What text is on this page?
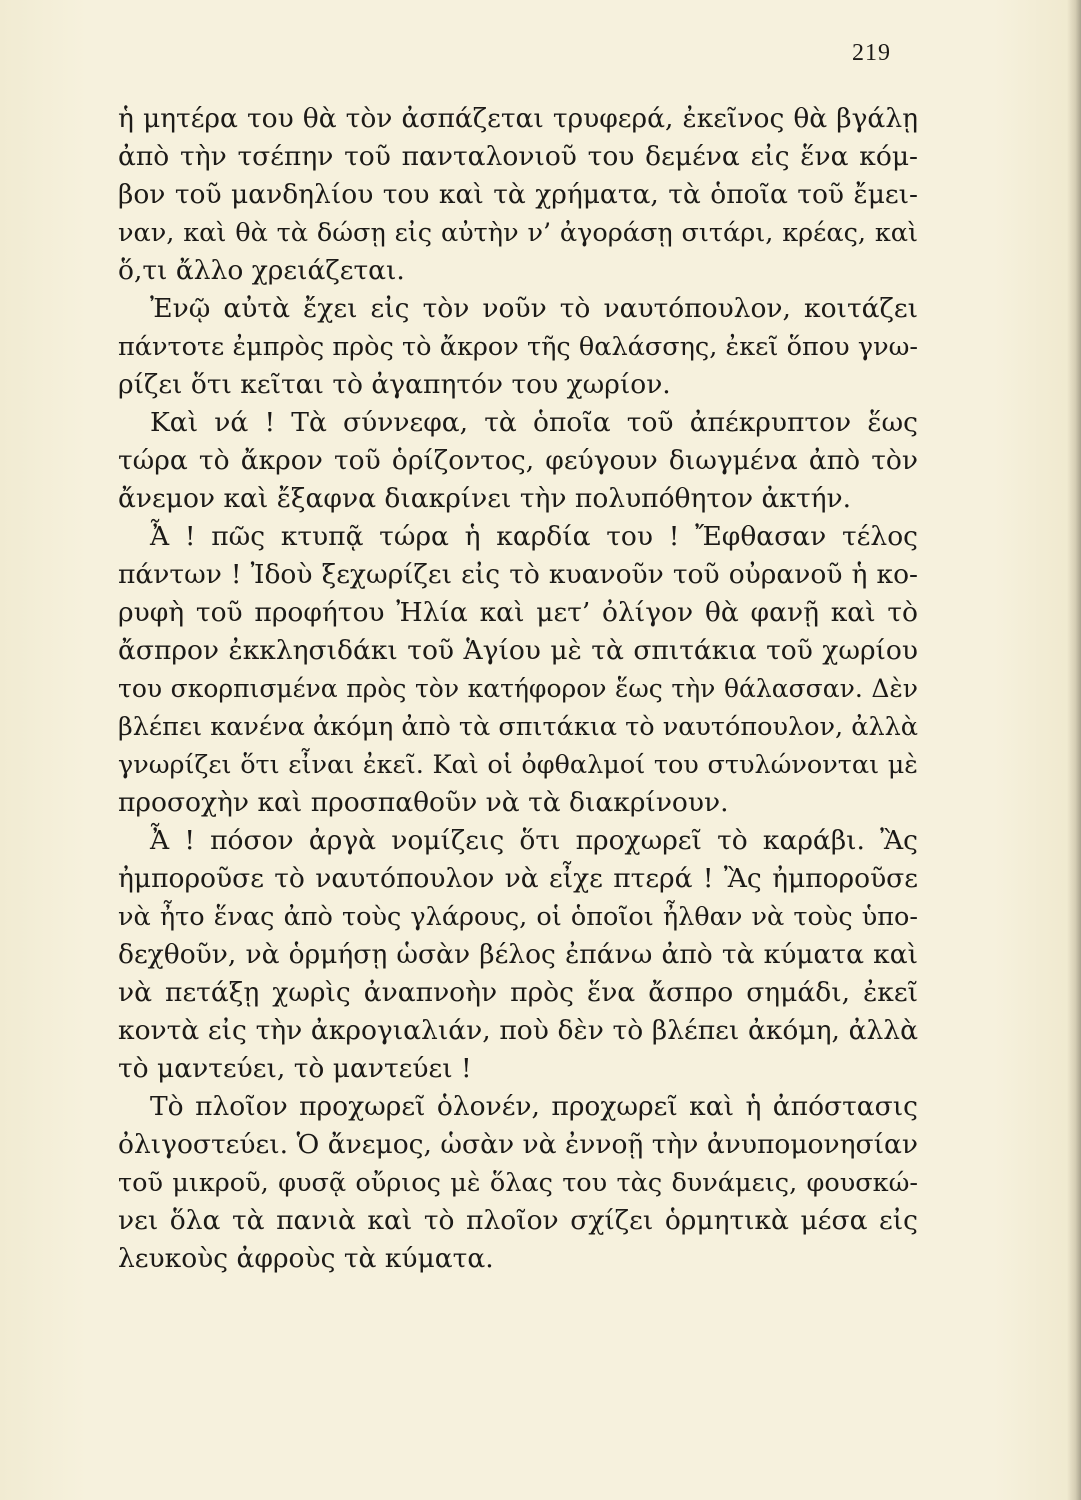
219
ἡ μητέρα του θὰ τὸν ἀσπάζεται τρυφερά, ἐκεῖνος θὰ βγάλῃ
ἀπὸ τὴν τσέπην τοῦ πανταλονιοῦ του δεμένα εἰς ἕνα κόμ-
βον τοῦ μανδηλίου του καὶ τὰ χρήματα, τὰ ὁποῖα τοῦ ἔμει-
ναν, καὶ θὰ τὰ δώσῃ εἰς αὐτὴν ν’ ἀγοράσῃ σιτάρι, κρέας, καὶ
ὅ,τι ἄλλο χρειάζεται.
Ἐνῷ αὐτὰ ἔχει εἰς τὸν νοῦν τὸ ναυτόπουλον, κοιτάζει
πάντοτε ἐμπρὸς πρὸς τὸ ἄκρον τῆς θαλάσσης, ἐκεῖ ὅπου γνω-
ρίζει ὅτι κεῖται τὸ ἀγαπητόν του χωρίον.
Καὶ νά ! Τὰ σύννεφα, τὰ ὁποῖα τοῦ ἀπέκρυπτον ἕως
τώρα τὸ ἄκρον τοῦ ὁρίζοντος, φεύγουν διωγμένα ἀπὸ τὸν
ἄνεμον καὶ ἔξαφνα διακρίνει τὴν πολυπόθητον ἀκτήν.
Ἆ ! πῶς κτυπᾷ τώρα ἡ καρδία του ! Ἔφθασαν τέλος
πάντων ! Ἰδοὺ ξεχωρίζει εἰς τὸ κυανοῦν τοῦ οὐρανοῦ ἡ κο-
ρυφὴ τοῦ προφήτου Ἠλία καὶ μετ’ ὀλίγον θὰ φανῇ καὶ τὸ
ἄσπρον ἐκκλησιδάκι τοῦ Ἁγίου μὲ τὰ σπιτάκια τοῦ χωρίου
του σκορπισμένα πρὸς τὸν κατήφορον ἕως τὴν θάλασσαν. Δὲν
βλέπει κανένα ἀκόμη ἀπὸ τὰ σπιτάκια τὸ ναυτόπουλον, ἀλλὰ
γνωρίζει ὅτι εἶναι ἐκεῖ. Καὶ οἱ ὀφθαλμοί του στυλώνονται μὲ
προσοχὴν καὶ προσπαθοῦν νὰ τὰ διακρίνουν.
Ἆ ! πόσον ἀργὰ νομίζεις ὅτι προχωρεῖ τὸ καράβι. Ἂς
ἠμποροῦσε τὸ ναυτόπουλον νὰ εἶχε πτερά ! Ἂς ἠμποροῦσε
νὰ ἦτο ἕνας ἀπὸ τοὺς γλάρους, οἱ ὁποῖοι ἦλθαν νὰ τοὺς ὑπο-
δεχθοῦν, νὰ ὁρμήσῃ ὡσὰν βέλος ἐπάνω ἀπὸ τὰ κύματα καὶ
νὰ πετάξῃ χωρὶς ἀναπνοὴν πρὸς ἕνα ἄσπρο σημάδι, ἐκεῖ
κοντὰ εἰς τὴν ἀκρογιαλιάν, ποὺ δὲν τὸ βλέπει ἀκόμη, ἀλλὰ
τὸ μαντεύει, τὸ μαντεύει !
Τὸ πλοῖον προχωρεῖ ὁλονέν, προχωρεῖ καὶ ἡ ἀπόστασις
ὀλιγοστεύει. Ὁ ἄνεμος, ὡσὰν νὰ ἐννοῇ τὴν ἀνυπομονησίαν
τοῦ μικροῦ, φυσᾷ οὔριος μὲ ὅλας του τὰς δυνάμεις, φουσκώ-
νει ὅλα τὰ πανιὰ καὶ τὸ πλοῖον σχίζει ὁρμητικὰ μέσα εἰς
λευκοὺς ἀφροὺς τὰ κύματα.
